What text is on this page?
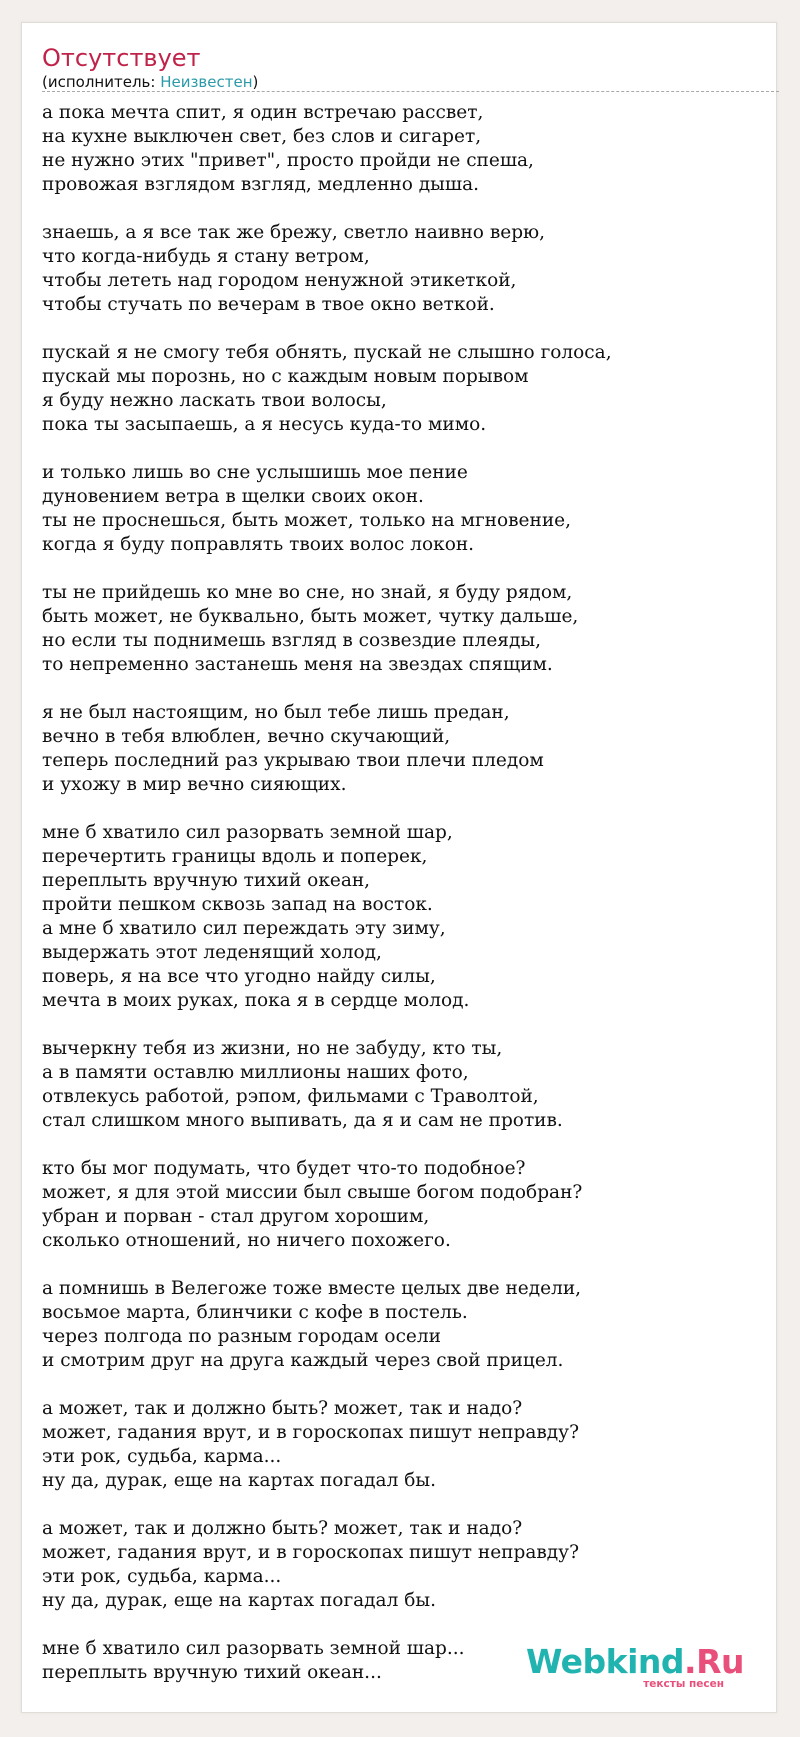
Отсутствует
(исполнитель: Неизвестен)
а пока мечта спит, я один встречаю рассвет,
на кухне выключен свет, без слов и сигарет,
не нужно этих "привет", просто пройди не спеша,
провожая взглядом взгляд, медленно дыша.
знаешь, а я все так же брежу, светло наивно верю,
что когда-нибудь я стану ветром,
чтобы лететь над городом ненужной этикеткой,
чтобы стучать по вечерам в твое окно веткой.
пускай я не смогу тебя обнять, пускай не слышно голоса,
пускай мы порознь, но с каждым новым порывом
я буду нежно ласкать твои волосы,
пока ты засыпаешь, а я несусь куда-то мимо.
и только лишь во сне услышишь мое пение
дуновением ветра в щелки своих окон.
ты не проснешься, быть может, только на мгновение,
когда я буду поправлять твоих волос локон.
ты не прийдешь ко мне во сне, но знай, я буду рядом,
быть может, не буквально, быть может, чутку дальше,
но если ты поднимешь взгляд в созвездие плеяды,
то непременно застанешь меня на звездах спящим.
я не был настоящим, но был тебе лишь предан,
вечно в тебя влюблен, вечно скучающий,
теперь последний раз укрываю твои плечи пледом
и ухожу в мир вечно сияющих.
мне б хватило сил разорвать земной шар,
перечертить границы вдоль и поперек,
переплыть вручную тихий океан,
пройти пешком сквозь запад на восток.
а мне б хватило сил переждать эту зиму,
выдержать этот леденящий холод,
поверь, я на все что угодно найду силы,
мечта в моих руках, пока я в сердце молод.
вычеркну тебя из жизни, но не забуду, кто ты,
а в памяти оставлю миллионы наших фото,
отвлекусь работой, рэпом, фильмами с Траволтой,
стал слишком много выпивать, да я и сам не против.
кто бы мог подумать, что будет что-то подобное?
может, я для этой миссии был свыше богом подобран?
убран и порван - стал другом хорошим,
сколько отношений, но ничего похожего.
а помнишь в Велегоже тоже вместе целых две недели,
восьмое марта, блинчики с кофе в постель.
через полгода по разным городам осели
и смотрим друг на друга каждый через свой прицел.
а может, так и должно быть? может, так и надо?
может, гадания врут, и в гороскопах пишут неправду?
эти рок, судьба, карма...
ну да, дурак, еще на картах погадал бы.
а может, так и должно быть? может, так и надо?
может, гадания врут, и в гороскопах пишут неправду?
эти рок, судьба, карма...
ну да, дурак, еще на картах погадал бы.
мне б хватило сил разорвать земной шар...
переплыть вручную тихий океан...	Webkind.Ru
тексты песен
